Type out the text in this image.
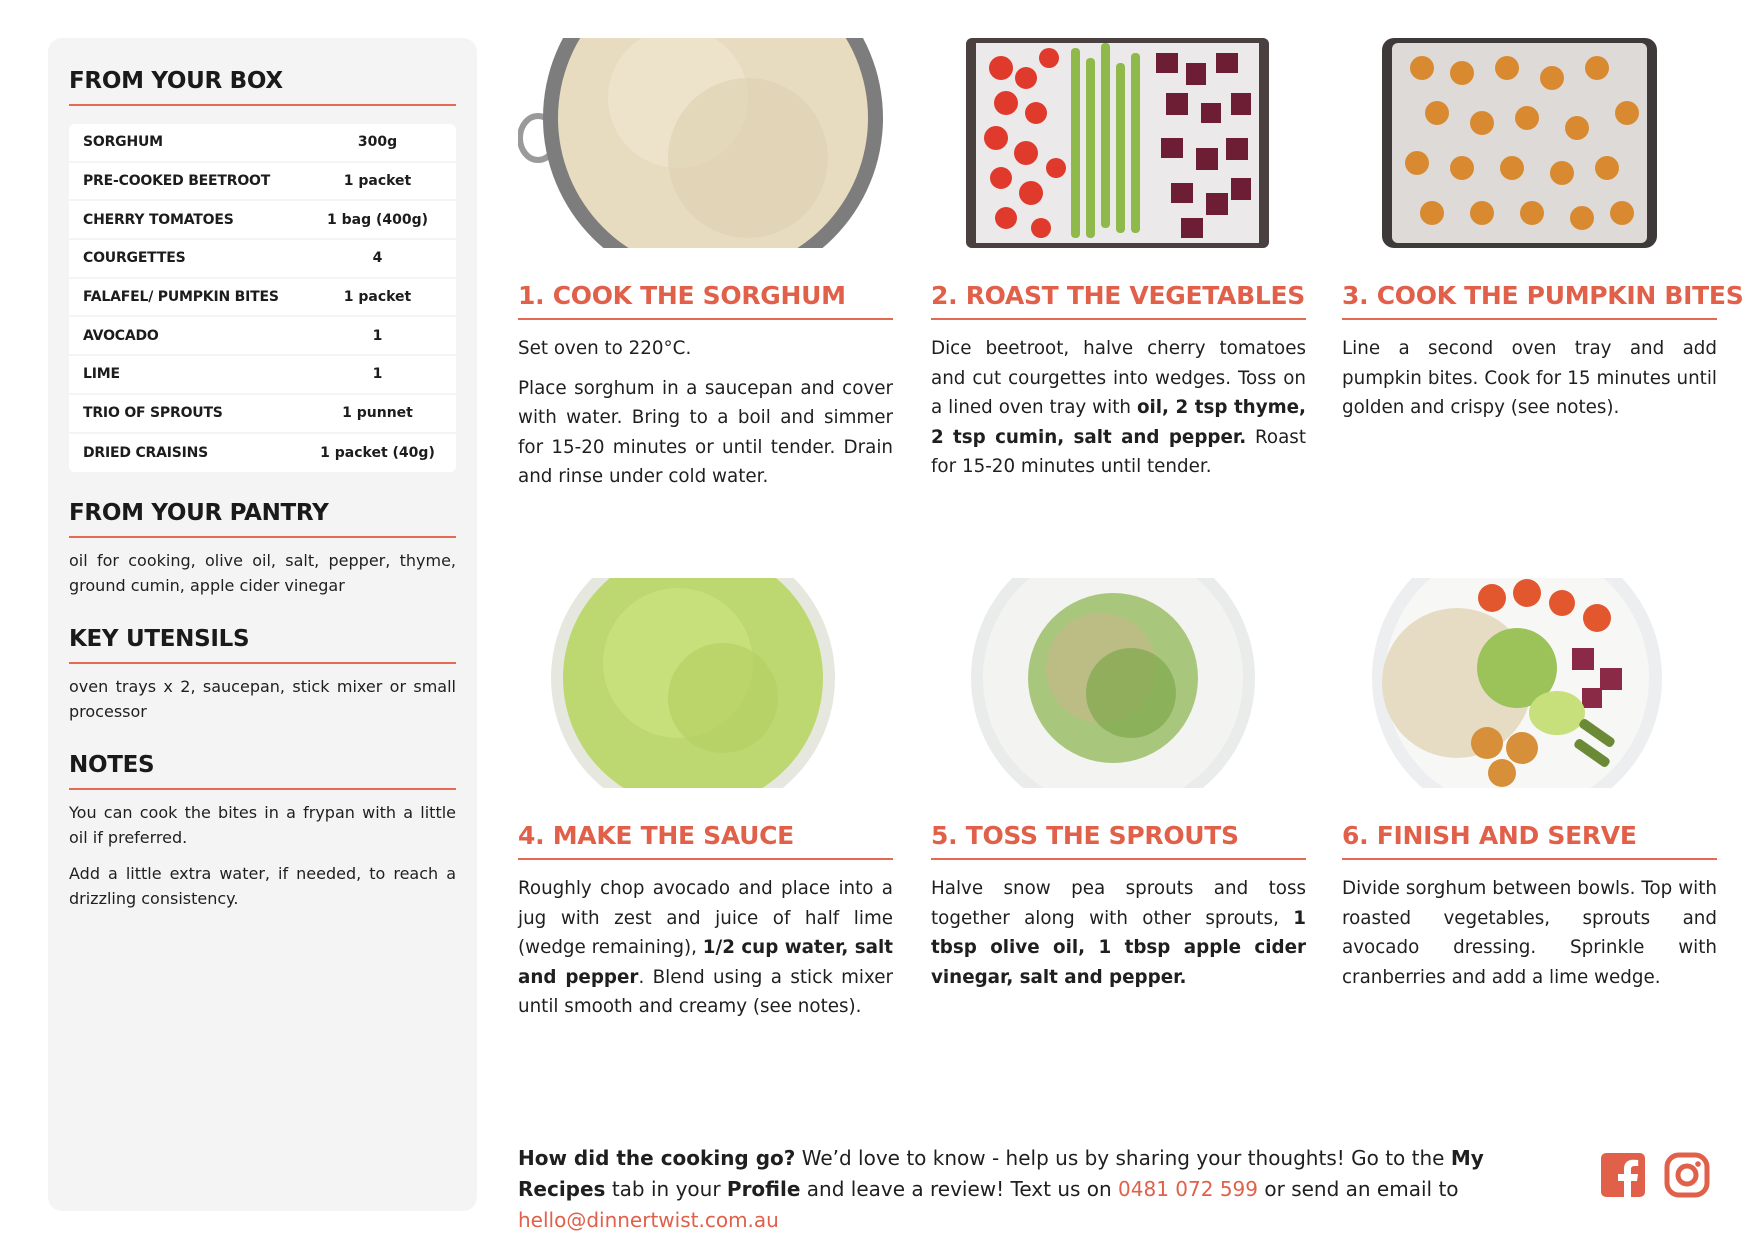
FROM YOUR BOX
SORGHUM	300g
PRE-COOKED BEETROOT	1 packet
CHERRY TOMATOES	1 bag (400g)
COURGETTES	4
FALAFEL/ PUMPKIN BITES	1 packet
AVOCADO	1
LIME	1
TRIO OF SPROUTS	1 punnet
DRIED CRAISINS	1 packet (40g)
FROM YOUR PANTRY

oil for cooking, olive oil, salt, pepper, thyme, ground cumin, apple cider vinegar

KEY UTENSILS

oven trays x 2, saucepan, stick mixer or small processor

NOTES

You can cook the bites in a frypan with a little oil if preferred.

Add a little extra water, if needed, to reach a drizzling consistency.

1. COOK THE SORGHUM

Set oven to 220°C.

Place sorghum in a saucepan and cover with water. Bring to a boil and simmer for 15-20 minutes or until tender. Drain and rinse under cold water.

2. ROAST THE VEGETABLES

Dice beetroot, halve cherry tomatoes and cut courgettes into wedges. Toss on a lined oven tray with oil, 2 tsp thyme, 2 tsp cumin, salt and pepper. Roast for 15-20 minutes until tender.

3. COOK THE PUMPKIN BITES

Line a second oven tray and add pumpkin bites. Cook for 15 minutes until golden and crispy (see notes).

4. MAKE THE SAUCE

Roughly chop avocado and place into a jug with zest and juice of half lime (wedge remaining), 1/2 cup water, salt and pepper. Blend using a stick mixer until smooth and creamy (see notes).

5. TOSS THE SPROUTS

Halve snow pea sprouts and toss together along with other sprouts, 1 tbsp olive oil, 1 tbsp apple cider vinegar, salt and pepper.

6. FINISH AND SERVE

Divide sorghum between bowls. Top with roasted vegetables, sprouts and avocado dressing. Sprinkle with cranberries and add a lime wedge.

How did the cooking go? We’d love to know - help us by sharing your thoughts! Go to the My Recipes tab in your Profile and leave a review! Text us on 0481 072 599 or send an email to hello@dinnertwist.com.au
